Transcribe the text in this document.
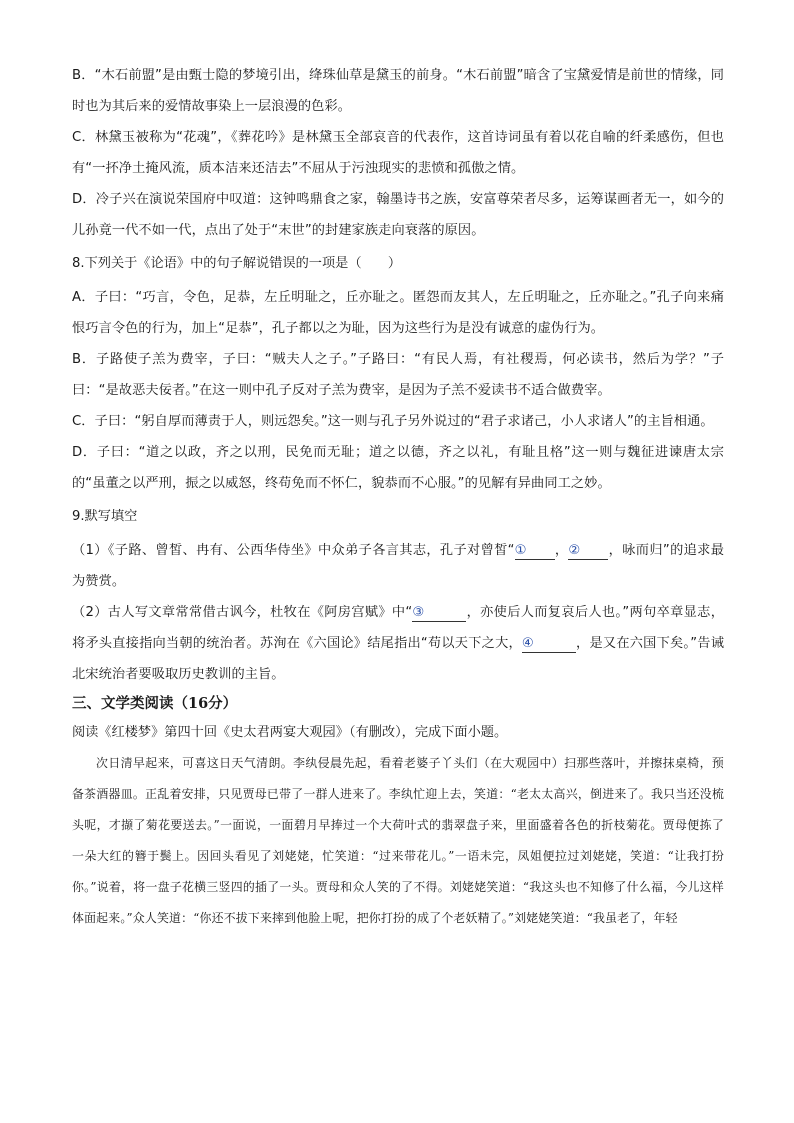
B．“木石前盟”是由甄士隐的梦境引出，绛珠仙草是黛玉的前身。“木石前盟”暗含了宝黛爱情是前世的情缘，同时也为其后来的爱情故事染上一层浪漫的色彩。

C．林黛玉被称为“花魂”，《葬花吟》是林黛玉全部哀音的代表作，这首诗词虽有着以花自喻的纤柔感伤，但也有“一抔净土掩风流，质本洁来还洁去”不屈从于污浊现实的悲愤和孤傲之情。

D．冷子兴在演说荣国府中叹道：这钟鸣鼎食之家，翰墨诗书之族，安富尊荣者尽多，运筹谋画者无一，如今的儿孙竟一代不如一代，点出了处于“末世”的封建家族走向衰落的原因。

8.下列关于《论语》中的句子解说错误的一项是（　　）

A．子曰：“巧言，令色，足恭，左丘明耻之，丘亦耻之。匿怨而友其人，左丘明耻之，丘亦耻之。”孔子向来痛恨巧言令色的行为，加上“足恭”，孔子都以之为耻，因为这些行为是没有诚意的虚伪行为。

B．子路使子羔为费宰，子曰：“贼夫人之子。”子路曰：“有民人焉，有社稷焉，何必读书，然后为学？”子曰：“是故恶夫佞者。”在这一则中孔子反对子羔为费宰，是因为子羔不爱读书不适合做费宰。

C．子曰：“躬自厚而薄责于人，则远怨矣。”这一则与孔子另外说过的“君子求诸己，小人求诸人”的主旨相通。

D．子曰：“道之以政，齐之以刑，民免而无耻；道之以德，齐之以礼，有耻且格”这一则与魏征进谏唐太宗的“虽董之以严刑，振之以威怒，终苟免而不怀仁，貌恭而不心服。”的见解有异曲同工之妙。

9.默写填空

（1）《子路、曾皙、冉有、公西华侍坐》中众弟子各言其志，孔子对曾皙“① ，② ，咏而归”的追求最为赞赏。

（2）古人写文章常常借古讽今，杜牧在《阿房宫赋》中“③	，亦使后人而复哀后人也。”两句卒章显志，将矛头直接指向当朝的统治者。苏洵在《六国论》结尾指出“苟以天下之大，④	，是又在六国下矣。”告诫北宋统治者要吸取历史教训的主旨。

三、文学类阅读（16分）

阅读《红楼梦》第四十回《史太君两宴大观园》（有删改），完成下面小题。

次日清早起来，可喜这日天气清朗。李纨侵晨先起，看着老婆子丫头们（在大观园中）扫那些落叶，并擦抹桌椅，预备茶酒器皿。正乱着安排，只见贾母已带了一群人进来了。李纨忙迎上去，笑道：“老太太高兴，倒进来了。我只当还没梳头呢，才撷了菊花要送去。”一面说，一面碧月早捧过一个大荷叶式的翡翠盘子来，里面盛着各色的折枝菊花。贾母便拣了一朵大红的簪于鬓上。因回头看见了刘姥姥，忙笑道：“过来带花儿。”一语未完，凤姐便拉过刘姥姥，笑道：“让我打扮你。”说着，将一盘子花横三竖四的插了一头。贾母和众人笑的了不得。刘姥姥笑道：“我这头也不知修了什么福，今儿这样体面起来。”众人笑道：“你还不拔下来摔到他脸上呢，把你打扮的成了个老妖精了。”刘姥姥笑道：“我虽老了，年轻
